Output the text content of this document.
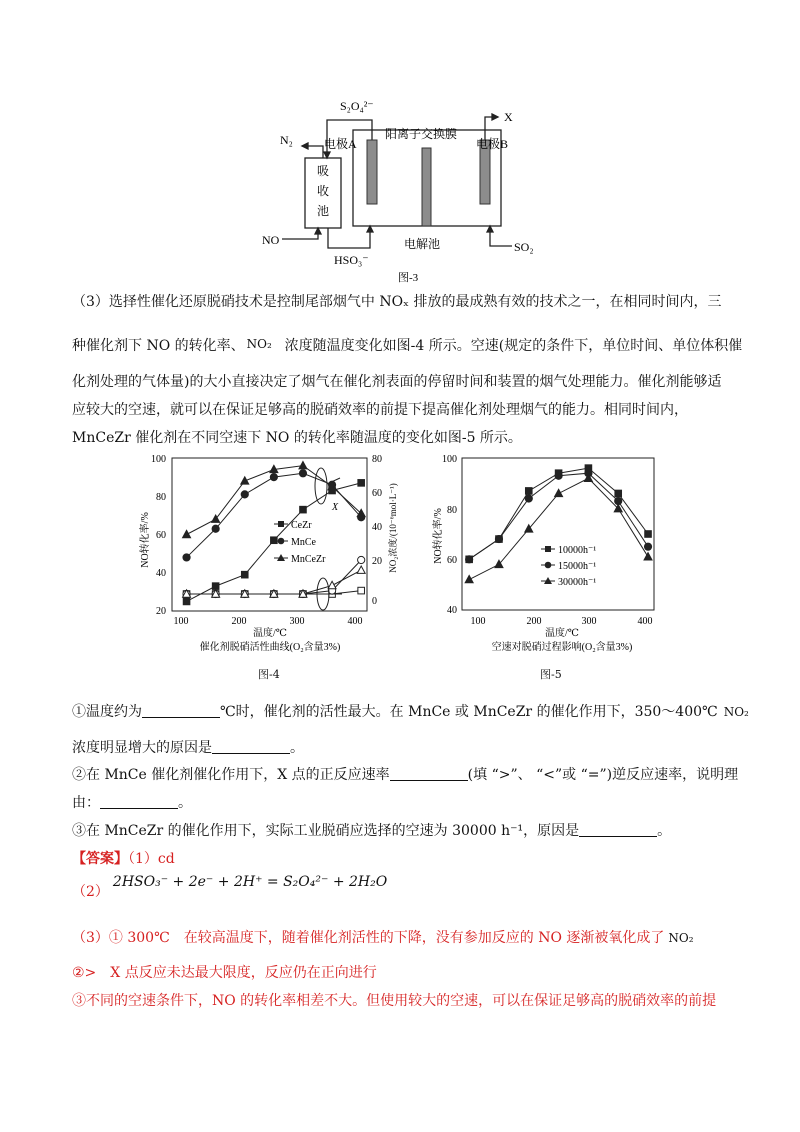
S₂O₄²⁻
电极A
阳离子交换膜
电极B
X
N₂
吸
收
池
NO
HSO₃⁻
电解池	SO₂
图-3
（3）选择性催化还原脱硝技术是控制尾部烟气中 NOₓ 排放的最成熟有效的技术之一，在相同时间内，三
种催化剂下 NO 的转化率、 NO₂ 浓度随温度变化如图-4 所示。空速(规定的条件下，单位时间、单位体积催
化剂处理的气体量)的大小直接决定了烟气在催化剂表面的停留时间和装置的烟气处理能力。催化剂能够适
应较大的空速，就可以在保证足够高的脱硝效率的前提下提高催化剂处理烟气的能力。相同时间内，
MnCeZr 催化剂在不同空速下 NO 的转化率随温度的变化如图-5 所示。
100
80
60
40
20
80
60
40
20
0
100	200	300	400
温度/℃
催化剂脱硝活性曲线(O₂含量3%)
NO转化率/%	NO₂浓度/(10⁻⁶mol·L⁻¹)
X
CeZr
MnCe
MnCeZr
图-4
100
80
60
40
100	200	300	400
温度/℃
空速对脱硝过程影响(O₂含量3%)
NO转化率/%	10000h⁻¹
15000h⁻¹
30000h⁻¹
图-5
①温度约为	℃时，催化剂的活性最大。在 MnCe 或 MnCeZr 的催化作用下，350～400℃ NO₂
浓度明显增大的原因是	。
②在 MnCe 催化剂催化作用下，X 点的正反应速率	(填 “>”、 “<”或 “=”)逆反应速率，说明理
由：	。
③在 MnCeZr 的催化作用下，实际工业脱硝应选择的空速为 30000 h⁻¹，原因是	。
【答案】（1）cd
（2）2HSO₃⁻ + 2e⁻ + 2H⁺ = S₂O₄²⁻ + 2H₂O
（3）① 300℃　在较高温度下，随着催化剂活性的下降，没有参加反应的 NO 逐渐被氧化成了 NO₂
②>　X 点反应未达最大限度，反应仍在正向进行
③不同的空速条件下，NO 的转化率相差不大。但使用较大的空速，可以在保证足够高的脱硝效率的前提
